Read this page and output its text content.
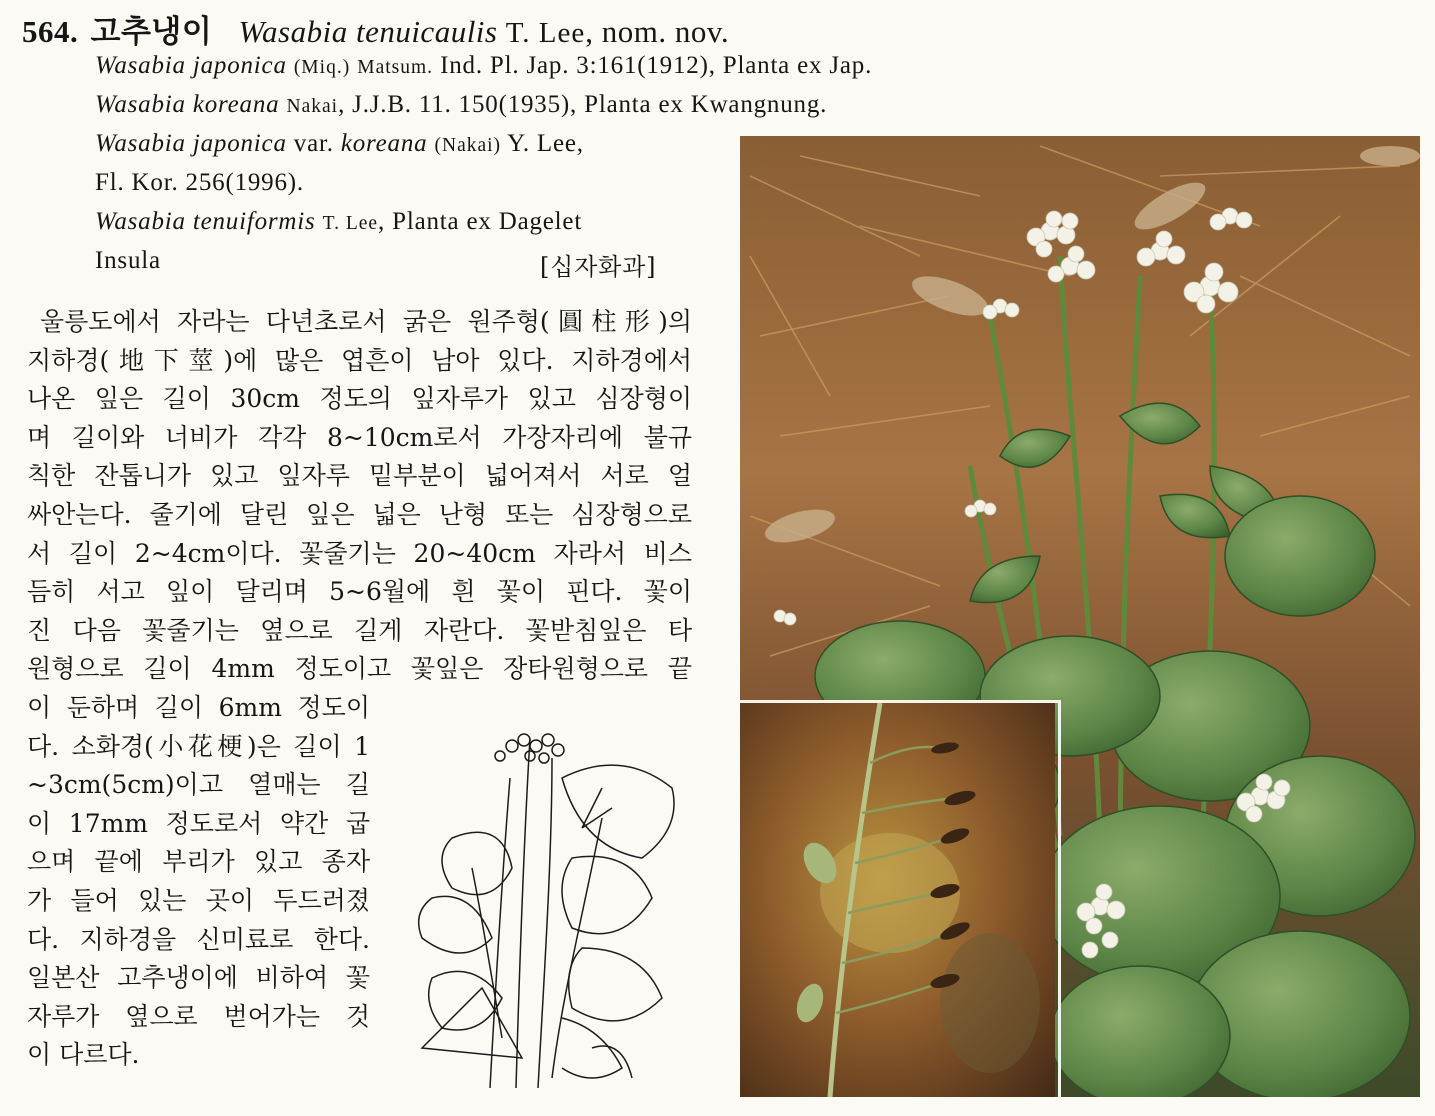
564. 고추냉이 Wasabia tenuicaulis T. Lee, nom. nov.
Wasabia japonica (Miq.) Matsum. Ind. Pl. Jap. 3:161(1912), Planta ex Jap.
Wasabia koreana Nakai, J.J.B. 11. 150(1935), Planta ex Kwangnung.
Wasabia japonica var. koreana (Nakai) Y. Lee,
Fl. Kor. 256(1996).
Wasabia tenuiformis T. Lee, Planta ex Dagelet
Insula	[십자화과]
울릉도에서 자라는 다년초로서 굵은 원주형(圓柱形)의
지하경(地下莖)에 많은 엽흔이 남아 있다. 지하경에서
나온 잎은 길이 30cm 정도의 잎자루가 있고 심장형이
며 길이와 너비가 각각 8~10cm로서 가장자리에 불규
칙한 잔톱니가 있고 잎자루 밑부분이 넓어져서 서로 얼
싸안는다. 줄기에 달린 잎은 넓은 난형 또는 심장형으로
서 길이 2~4cm이다. 꽃줄기는 20~40cm 자라서 비스
듬히 서고 잎이 달리며 5~6월에 흰 꽃이 핀다. 꽃이
진 다음 꽃줄기는 옆으로 길게 자란다. 꽃받침잎은 타
원형으로 길이 4mm 정도이고 꽃잎은 장타원형으로 끝
이 둔하며 길이 6mm 정도이
다. 소화경(小花梗)은 길이 1
~3cm(5cm)이고 열매는 길
이 17mm 정도로서 약간 굽
으며 끝에 부리가 있고 종자
가 들어 있는 곳이 두드러졌
다. 지하경을 신미료로 한다.
일본산 고추냉이에 비하여 꽃
자루가 옆으로 벋어가는 것
이 다르다.
